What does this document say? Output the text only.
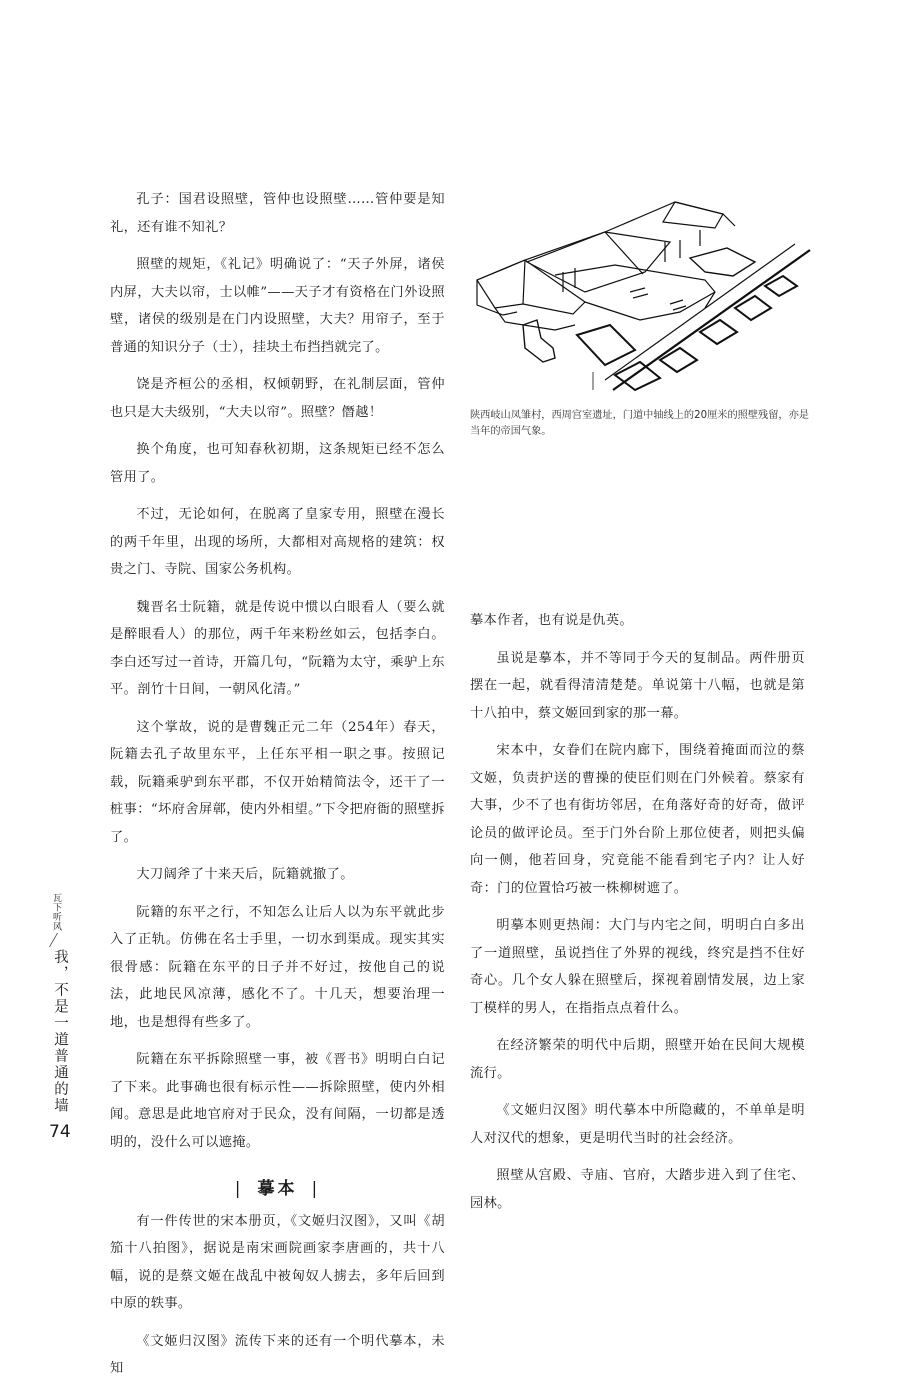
孔子：国君设照壁，管仲也设照壁……管仲要是知礼，还有谁不知礼？

照壁的规矩，《礼记》明确说了：“天子外屏，诸侯内屏，大夫以帘，士以帷”——天子才有资格在门外设照壁，诸侯的级别是在门内设照壁，大夫？用帘子，至于普通的知识分子（士），挂块土布挡挡就完了。

饶是齐桓公的丞相，权倾朝野，在礼制层面，管仲也只是大夫级别，“大夫以帘”。照壁？僭越！

换个角度，也可知春秋初期，这条规矩已经不怎么管用了。

不过，无论如何，在脱离了皇家专用，照壁在漫长的两千年里，出现的场所，大都相对高规格的建筑：权贵之门、寺院、国家公务机构。

魏晋名士阮籍，就是传说中惯以白眼看人（要么就是醉眼看人）的那位，两千年来粉丝如云，包括李白。李白还写过一首诗，开篇几句，“阮籍为太守，乘驴上东平。剖竹十日间，一朝风化清。”

这个掌故，说的是曹魏正元二年（254年）春天，阮籍去孔子故里东平，上任东平相一职之事。按照记载，阮籍乘驴到东平郡，不仅开始精简法令，还干了一桩事：“坏府舍屏鄣，使内外相望。”下令把府衙的照壁拆了。

大刀阔斧了十来天后，阮籍就撤了。

阮籍的东平之行，不知怎么让后人以为东平就此步入了正轨。仿佛在名士手里，一切水到渠成。现实其实很骨感：阮籍在东平的日子并不好过，按他自己的说法，此地民风凉薄，感化不了。十几天，想要治理一地，也是想得有些多了。

阮籍在东平拆除照壁一事，被《晋书》明明白白记了下来。此事确也很有标示性——拆除照壁，使内外相闻。意思是此地官府对于民众，没有间隔，一切都是透明的，没什么可以遮掩。

| 摹本 |

有一件传世的宋本册页，《文姬归汉图》，又叫《胡笳十八拍图》，据说是南宋画院画家李唐画的，共十八幅，说的是蔡文姬在战乱中被匈奴人掳去，多年后回到中原的轶事。

《文姬归汉图》流传下来的还有一个明代摹本，未知

陕西岐山凤雏村，西周宫室遗址，门道中轴线上的20厘米的照壁残留，亦是当年的帝国气象。

摹本作者，也有说是仇英。

虽说是摹本，并不等同于今天的复制品。两件册页摆在一起，就看得清清楚楚。单说第十八幅，也就是第十八拍中，蔡文姬回到家的那一幕。

宋本中，女眷们在院内廊下，围绕着掩面而泣的蔡文姬，负责护送的曹操的使臣们则在门外候着。蔡家有大事，少不了也有街坊邻居，在角落好奇的好奇，做评论员的做评论员。至于门外台阶上那位使者，则把头偏向一侧，他若回身，究竟能不能看到宅子内？让人好奇：门的位置恰巧被一株柳树遮了。

明摹本则更热闹：大门与内宅之间，明明白白多出了一道照壁，虽说挡住了外界的视线，终究是挡不住好奇心。几个女人躲在照壁后，探视着剧情发展，边上家丁模样的男人，在指指点点着什么。

在经济繁荣的明代中后期，照壁开始在民间大规模流行。

《文姬归汉图》明代摹本中所隐藏的，不单单是明人对汉代的想象，更是明代当时的社会经济。

照壁从宫殿、寺庙、官府，大踏步进入到了住宅、园林。

瓦下听风
我，不是一道普通的墙
74
